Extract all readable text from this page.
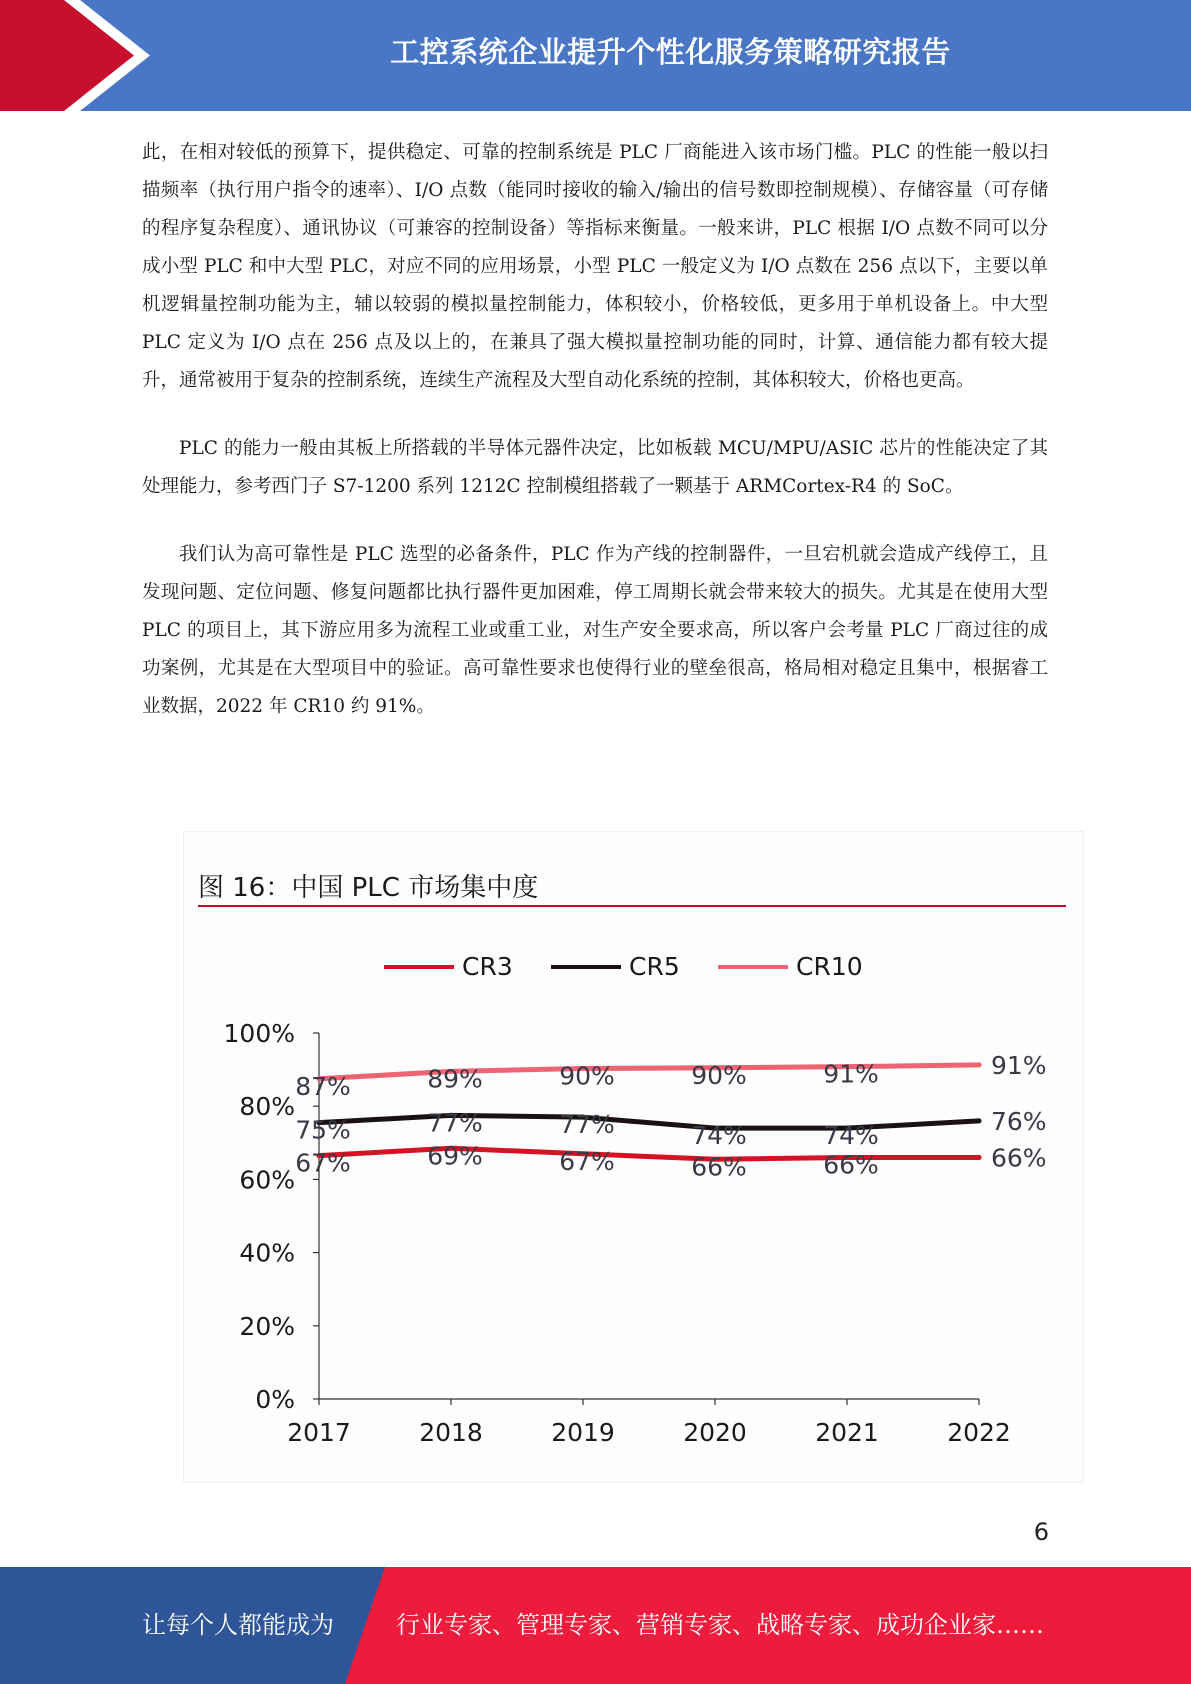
工控系统企业提升个性化服务策略研究报告

此，在相对较低的预算下，提供稳定、可靠的控制系统是 PLC 厂商能进入该市场门槛。PLC 的性能一般以扫描频率（执行用户指令的速率）、I/O 点数（能同时接收的输入/输出的信号数即控制规模）、存储容量（可存储的程序复杂程度）、通讯协议（可兼容的控制设备）等指标来衡量。一般来讲，PLC 根据 I/O 点数不同可以分成小型 PLC 和中大型 PLC，对应不同的应用场景，小型 PLC 一般定义为 I/O 点数在 256 点以下，主要以单机逻辑量控制功能为主，辅以较弱的模拟量控制能力，体积较小，价格较低，更多用于单机设备上。中大型 PLC 定义为 I/O 点在 256 点及以上的，在兼具了强大模拟量控制功能的同时，计算、通信能力都有较大提升，通常被用于复杂的控制系统，连续生产流程及大型自动化系统的控制，其体积较大，价格也更高。

PLC 的能力一般由其板上所搭载的半导体元器件决定，比如板载 MCU/MPU/ASIC 芯片的性能决定了其处理能力，参考西门子 S7-1200 系列 1212C 控制模组搭载了一颗基于 ARMCortex-R4 的 SoC。

我们认为高可靠性是 PLC 选型的必备条件，PLC 作为产线的控制器件，一旦宕机就会造成产线停工，且发现问题、定位问题、修复问题都比执行器件更加困难，停工周期长就会带来较大的损失。尤其是在使用大型 PLC 的项目上，其下游应用多为流程工业或重工业，对生产安全要求高，所以客户会考量 PLC 厂商过往的成功案例，尤其是在大型项目中的验证。高可靠性要求也使得行业的壁垒很高，格局相对稳定且集中，根据睿工业数据，2022 年 CR10 约 91%。

图 16：中国 PLC 市场集中度
CR3	CR5	CR10
0%
20%
40%
60%
80%
100%
2017	2018	2019	2020	2021	2022
67%	69%	67%	66%	66%	66%
75%	77%	77%	74%	74%	76%
87%	89%	90%	90%	91%	91%
6
让每个人都能成为	行业专家、管理专家、营销专家、战略专家、成功企业家……
